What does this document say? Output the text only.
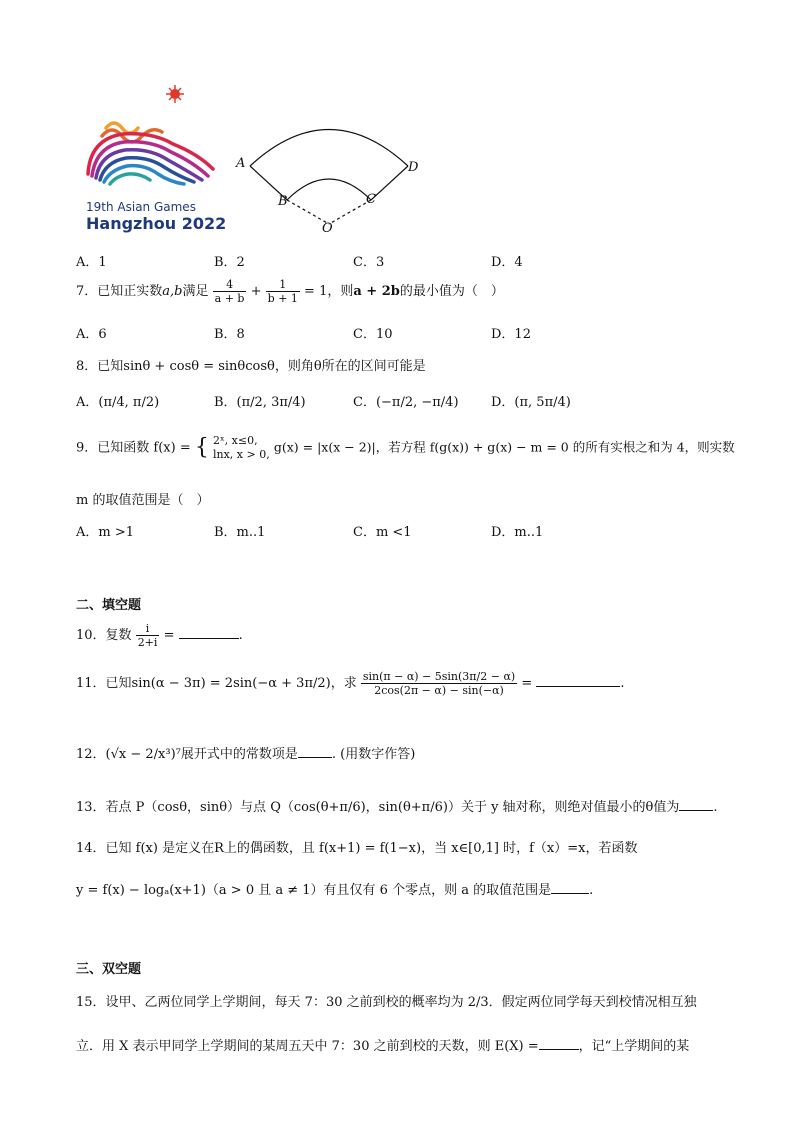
19th Asian Games
Hangzhou 2022
A
B	C
D
O
A．1	B．2	C．3	D．4
7．已知正实数a,b满足 $\frac{4}{a + b} + \frac{1}{b + 1} = 1$，则a + 2b的最小值为（　）
A．6	B．8	C．10	D．12
8．已知sinθ + cosθ = sinθcosθ，则角θ所在的区间可能是
A．(π/4, π/2)	B．(π/2, 3π/4)	C．(−π/2, −π/4) D．(π, 5π/4)
9．已知函数 f(x) = { 2ˣ, x≤0,
lnx, x > 0, g(x) = |x(x − 2)|，若方程 f(g(x)) + g(x) − m = 0 的所有实根之和为 4，则实数
m 的取值范围是（　）
A．m >1	B．m..1	C．m <1	D．m..1
二、填空题
10．复数 $\frac{i}{2+i}$ =	.
11．已知sin(α − 3π) = 2sin(−α + 3π/2)，求 $\frac{\sin(\pi - \alpha) - 5\sin(3\pi/2 - \alpha)}{2\cos(2\pi - \alpha) - \sin(-\alpha)}$ =	.
12．(√x − 2/x³)⁷展开式中的常数项是	. (用数字作答)
13．若点 P（cosθ，sinθ）与点 Q（cos(θ+π/6)，sin(θ+π/6)）关于 y 轴对称，则绝对值最小的θ值为	.
14．已知 f(x) 是定义在R上的偶函数，且 f(x+1) = f(1−x)，当 x∈[0,1] 时，f（x）=x，若函数
y = f(x) − logₐ(x+1)（a > 0 且 a ≠ 1）有且仅有 6 个零点，则 a 的取值范围是	.
三、双空题
15．设甲、乙两位同学上学期间，每天 7：30 之前到校的概率均为 2/3．假定两位同学每天到校情况相互独
立．用 X 表示甲同学上学期间的某周五天中 7：30 之前到校的天数，则 E(X) =	，记“上学期间的某
